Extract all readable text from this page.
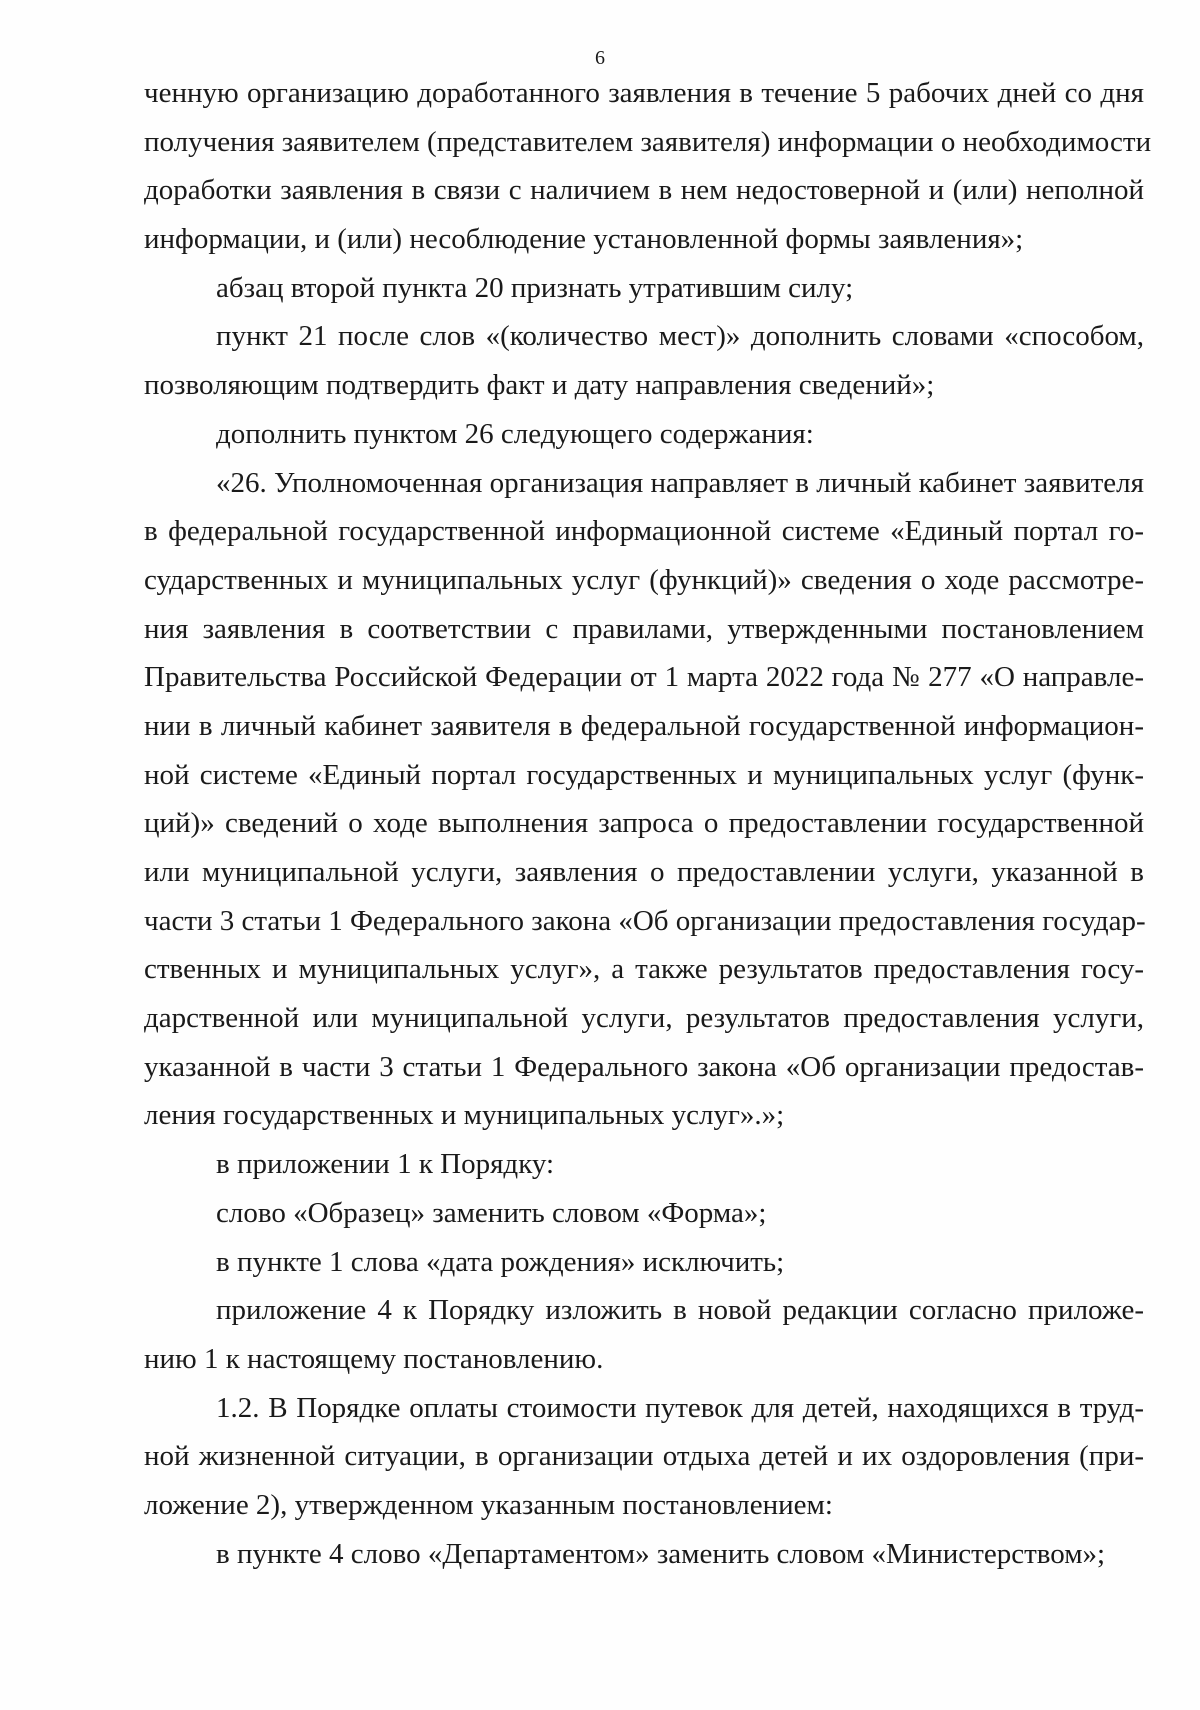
6
ченную организацию доработанного заявления в течение 5 рабочих дней со дня
получения заявителем (представителем заявителя) информации о необходимости
доработки заявления в связи с наличием в нем недостоверной и (или) неполной
информации, и (или) несоблюдение установленной формы заявления»;
абзац второй пункта 20 признать утратившим силу;
пункт 21 после слов «(количество мест)» дополнить словами «способом,
позволяющим подтвердить факт и дату направления сведений»;
дополнить пунктом 26 следующего содержания:
«26. Уполномоченная организация направляет в личный кабинет заявителя
в федеральной государственной информационной системе «Единый портал го-
сударственных и муниципальных услуг (функций)» сведения о ходе рассмотре-
ния заявления в соответствии с правилами, утвержденными постановлением
Правительства Российской Федерации от 1 марта 2022 года № 277 «О направле-
нии в личный кабинет заявителя в федеральной государственной информацион-
ной системе «Единый портал государственных и муниципальных услуг (функ-
ций)» сведений о ходе выполнения запроса о предоставлении государственной
или муниципальной услуги, заявления о предоставлении услуги, указанной в
части 3 статьи 1 Федерального закона «Об организации предоставления государ-
ственных и муниципальных услуг», а также результатов предоставления госу-
дарственной или муниципальной услуги, результатов предоставления услуги,
указанной в части 3 статьи 1 Федерального закона «Об организации предостав-
ления государственных и муниципальных услуг».»;
в приложении 1 к Порядку:
слово «Образец» заменить словом «Форма»;
в пункте 1 слова «дата рождения» исключить;
приложение 4 к Порядку изложить в новой редакции согласно приложе-
нию 1 к настоящему постановлению.
1.2. В Порядке оплаты стоимости путевок для детей, находящихся в труд-
ной жизненной ситуации, в организации отдыха детей и их оздоровления (при-
ложение 2), утвержденном указанным постановлением:
в пункте 4 слово «Департаментом» заменить словом «Министерством»;
